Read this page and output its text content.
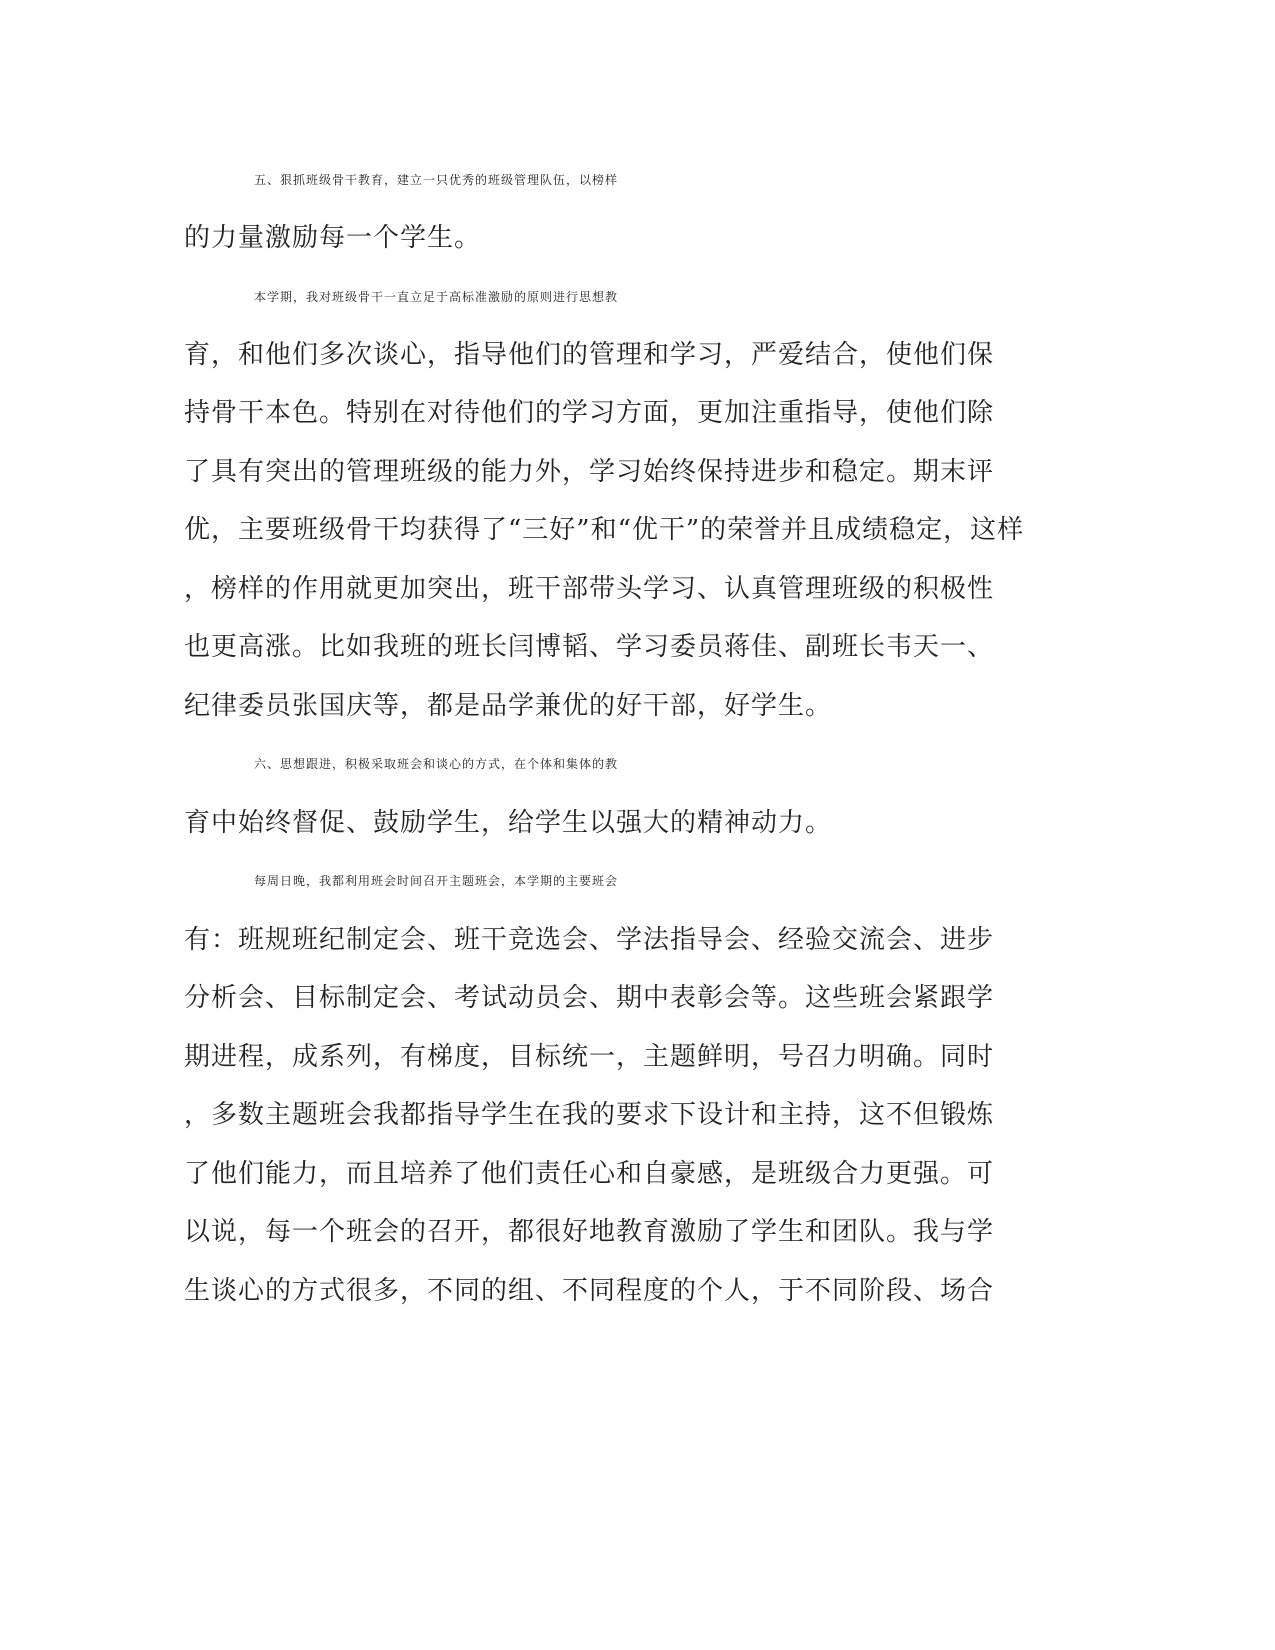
五、狠抓班级骨干教育，建立一只优秀的班级管理队伍，以榜样
的力量激励每一个学生。
本学期，我对班级骨干一直立足于高标准激励的原则进行思想教
育，和他们多次谈心，指导他们的管理和学习，严爱结合，使他们保
持骨干本色。特别在对待他们的学习方面，更加注重指导，使他们除
了具有突出的管理班级的能力外，学习始终保持进步和稳定。期末评
优，主要班级骨干均获得了“三好”和“优干”的荣誉并且成绩稳定，这样
，榜样的作用就更加突出，班干部带头学习、认真管理班级的积极性
也更高涨。比如我班的班长闫博韬、学习委员蒋佳、副班长韦天一、
纪律委员张国庆等，都是品学兼优的好干部，好学生。
六、思想跟进，积极采取班会和谈心的方式，在个体和集体的教
育中始终督促、鼓励学生，给学生以强大的精神动力。
每周日晚，我都利用班会时间召开主题班会，本学期的主要班会
有：班规班纪制定会、班干竞选会、学法指导会、经验交流会、进步
分析会、目标制定会、考试动员会、期中表彰会等。这些班会紧跟学
期进程，成系列，有梯度，目标统一，主题鲜明，号召力明确。同时
，多数主题班会我都指导学生在我的要求下设计和主持，这不但锻炼
了他们能力，而且培养了他们责任心和自豪感，是班级合力更强。可
以说，每一个班会的召开，都很好地教育激励了学生和团队。我与学
生谈心的方式很多，不同的组、不同程度的个人，于不同阶段、场合
